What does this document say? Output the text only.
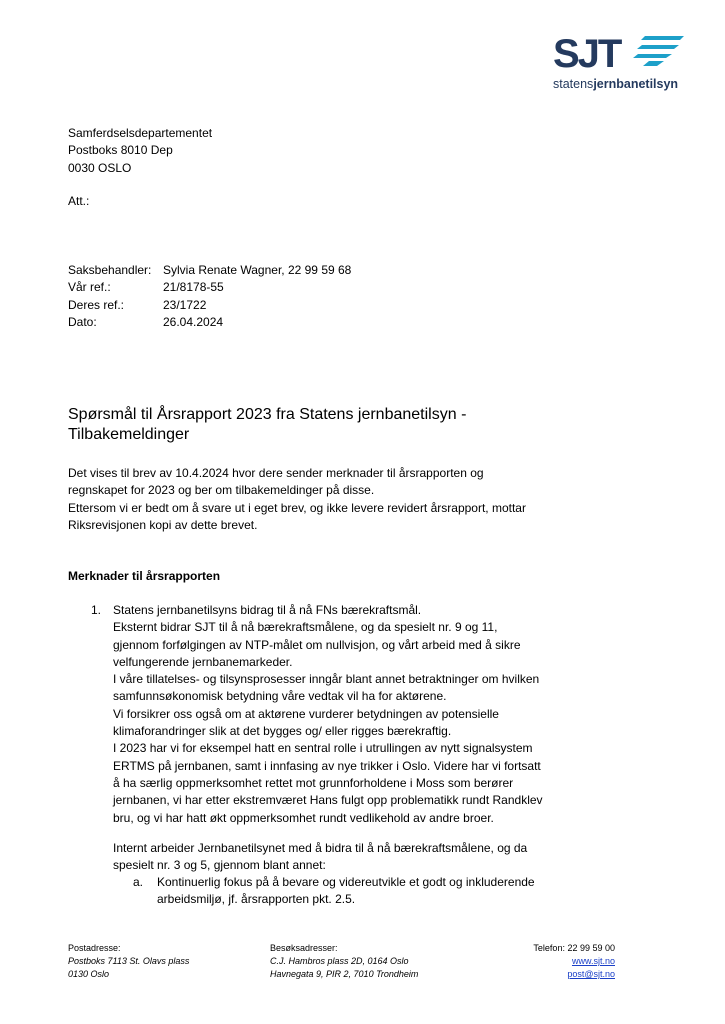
SJT
statensjernbanetilsyn
Samferdselsdepartementet
Postboks 8010 Dep
0030 OSLO
Att.:
Saksbehandler: Sylvia Renate Wagner, 22 99 59 68
Vår ref.:	21/8178-55
Deres ref.:	23/1722
Dato:	26.04.2024
Spørsmål til Årsrapport 2023 fra Statens jernbanetilsyn - Tilbakemeldinger
Det vises til brev av 10.4.2024 hvor dere sender merknader til årsrapporten og
regnskapet for 2023 og ber om tilbakemeldinger på disse.
Ettersom vi er bedt om å svare ut i eget brev, og ikke levere revidert årsrapport, mottar
Riksrevisjonen kopi av dette brevet.
Merknader til årsrapporten
1. Statens jernbanetilsyns bidrag til å nå FNs bærekraftsmål.
Eksternt bidrar SJT til å nå bærekraftsmålene, og da spesielt nr. 9 og 11,
gjennom forfølgingen av NTP-målet om nullvisjon, og vårt arbeid med å sikre
velfungerende jernbanemarkeder.
I våre tillatelses- og tilsynsprosesser inngår blant annet betraktninger om hvilken
samfunnsøkonomisk betydning våre vedtak vil ha for aktørene.
Vi forsikrer oss også om at aktørene vurderer betydningen av potensielle
klimaforandringer slik at det bygges og/ eller rigges bærekraftig.
I 2023 har vi for eksempel hatt en sentral rolle i utrullingen av nytt signalsystem
ERTMS på jernbanen, samt i innfasing av nye trikker i Oslo. Videre har vi fortsatt
å ha særlig oppmerksomhet rettet mot grunnforholdene i Moss som berører
jernbanen, vi har etter ekstremværet Hans fulgt opp problematikk rundt Randklev
bru, og vi har hatt økt oppmerksomhet rundt vedlikehold av andre broer.
Internt arbeider Jernbanetilsynet med å bidra til å nå bærekraftsmålene, og da
spesielt nr. 3 og 5, gjennom blant annet:
a. Kontinuerlig fokus på å bevare og videreutvikle et godt og inkluderende
arbeidsmiljø, jf. årsrapporten pkt. 2.5.
Postadresse:
Postboks 7113 St. Olavs plass
0130 Oslo
Besøksadresser:
C.J. Hambros plass 2D, 0164 Oslo
Havnegata 9, PIR 2, 7010 Trondheim
Telefon: 22 99 59 00
www.sjt.no
post@sjt.no
